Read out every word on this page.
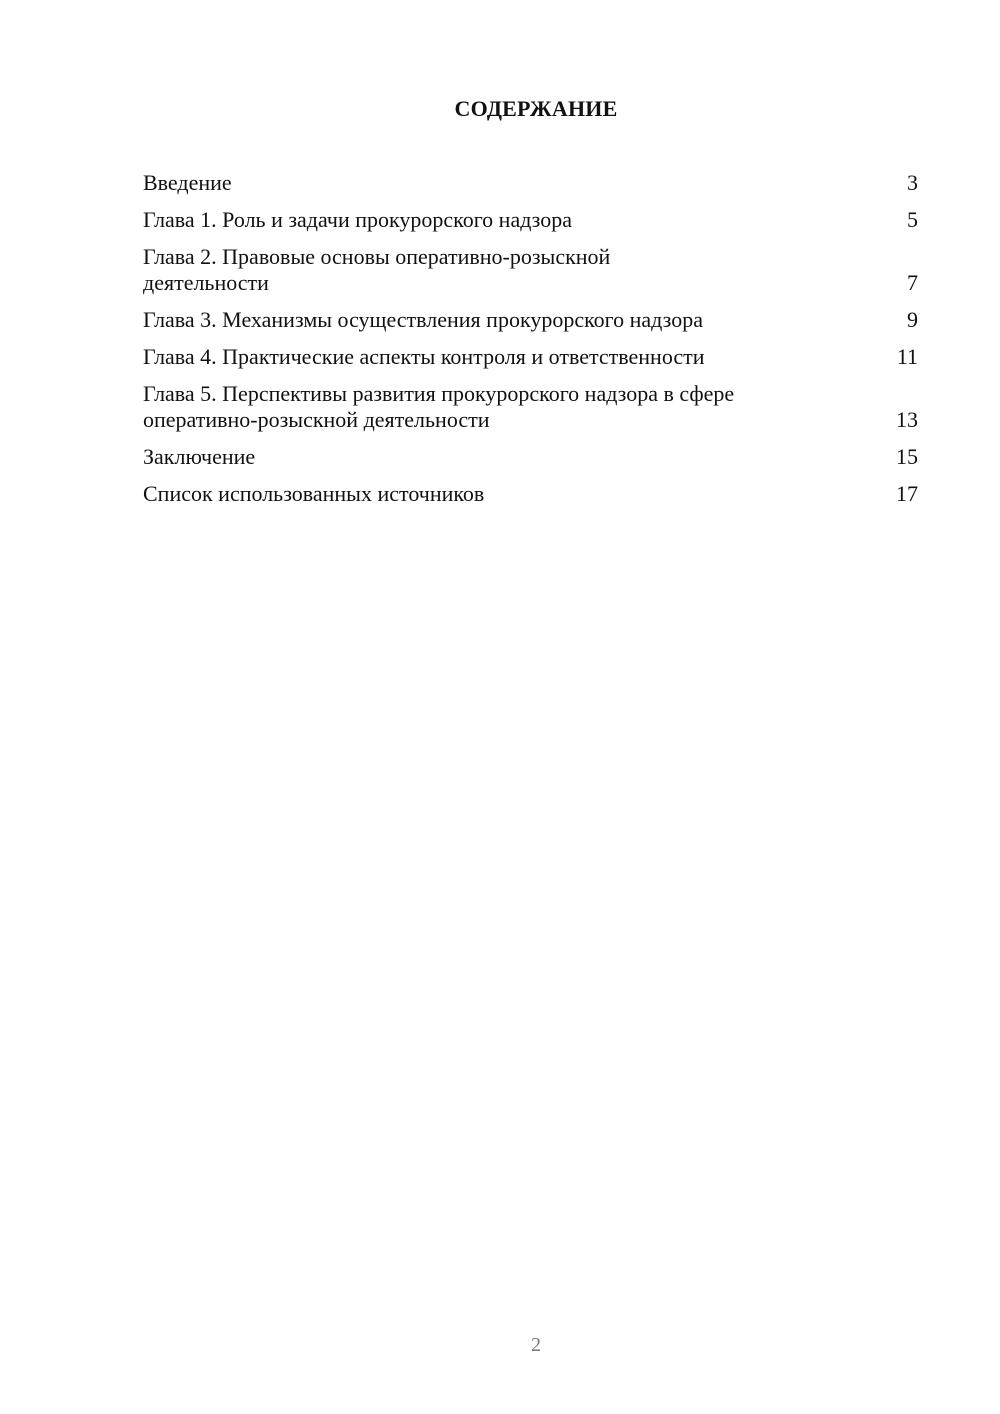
СОДЕРЖАНИЕ
Введение	3
Глава 1. Роль и задачи прокурорского надзора	5
Глава 2. Правовые основы оперативно-розыскной деятельности	7
Глава 3. Механизмы осуществления прокурорского надзора	9
Глава 4. Практические аспекты контроля и ответственности	11
Глава 5. Перспективы развития прокурорского надзора в сфере оперативно-розыскной деятельности	13
Заключение	15
Список использованных источников	17
2
